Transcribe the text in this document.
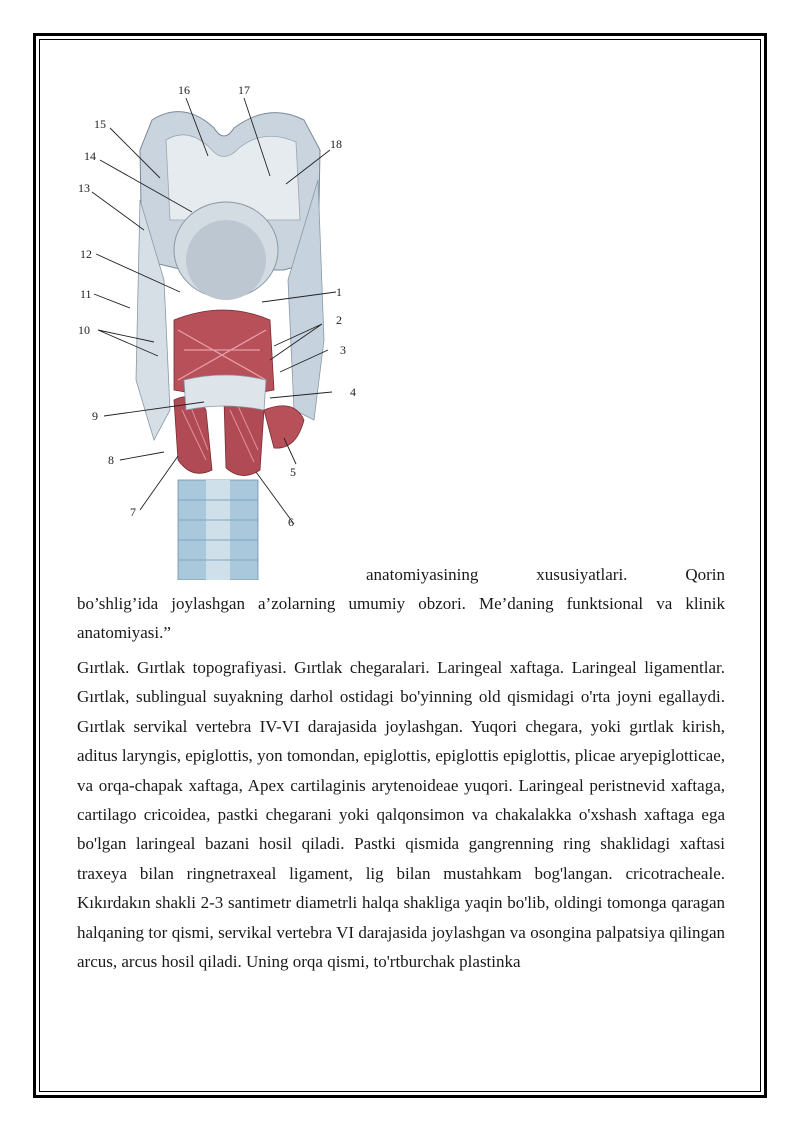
16	17
18
15
14
13
12
11
10
9
8
7
6
5
4
3
2
1
anatomiyasining xususiyatlari. Qorin
bo’shlig’ida joylashgan a’zolarning umumiy obzori. Me’daning funktsional va klinik anatomiyasi.”
Gırtlak. Gırtlak topografiyasi. Gırtlak chegaralari. Laringeal xaftaga. Laringeal ligamentlar. Gırtlak, sublingual suyakning darhol ostidagi bo'yinning old qismidagi o'rta joyni egallaydi. Gırtlak servikal vertebra IV-VI darajasida joylashgan. Yuqori chegara, yoki gırtlak kirish, aditus laryngis, epiglottis, yon tomondan, epiglottis, epiglottis epiglottis, plicae aryepiglotticae, va orqa-chapak xaftaga, Apex cartilaginis arytenoideae yuqori. Laringeal peristnevid xaftaga, cartilago cricoidea, pastki chegarani yoki qalqonsimon va chakalakka o'xshash xaftaga ega bo'lgan laringeal bazani hosil qiladi. Pastki qismida gangrenning ring shaklidagi xaftasi traxeya bilan ringnetraxeal ligament, lig bilan mustahkam bog'langan. cricotracheale. Kıkırdakın shakli 2-3 santimetr diametrli halqa shakliga yaqin bo'lib, oldingi tomonga qaragan halqaning tor qismi, servikal vertebra VI darajasida joylashgan va osongina palpatsiya qilingan arcus, arcus hosil qiladi. Uning orqa qismi, to'rtburchak plastinka
